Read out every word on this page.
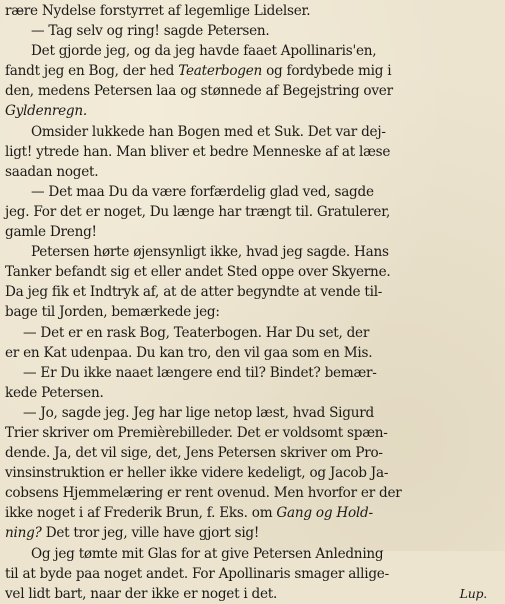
ræ̶re Nydelse forstyrret af legemlige Lidelser.
— Tag selv og ring! sagde Petersen.
Det gjorde jeg, og da jeg havde faaet Apollinaris'en,
fandt jeg en Bog, der hed Teaterbogen og fordybede mig i
den, medens Petersen laa og stønnede af Begejstring over
Gyldenregn.
Omsider lukkede han Bogen med et Suk. Det var dej-
ligt! ytrede han. Man bliver et bedre Menneske af at læse
saadan noget.
— Det maa Du da være forfærdelig glad ved, sagde
jeg. For det er noget, Du længe har trængt til. Gratulerer,
gamle Dreng!
Petersen hørte øjensynligt ikke, hvad jeg sagde. Hans
Tanker befandt sig et eller andet Sted oppe over Skyerne.
Da jeg fik et Indtryk af, at de atter begyndte at vende til-
bage til Jorden, bemærkede jeg:
— Det er en rask Bog, Teaterbogen. Har Du set, der
er en Kat udenpaa. Du kan tro, den vil gaa som en Mis.
— Er Du ikke naaet længere end til? Bindet? bemær-
kede Petersen.
— Jo, sagde jeg. Jeg har lige netop læst, hvad Sigurd
Trier skriver om Premièrebilleder. Det er voldsomt spæn-
dende. Ja, det vil sige, det, Jens Petersen skriver om Pro-
vinsinstruktion er heller ikke videre kedeligt, og Jacob Ja-
cobsens Hjemmelæring er rent ovenud. Men hvorfor er der
ikke noget i af Frederik Brun, f. Eks. om Gang og Hold-
ning? Det tror jeg, ville have gjort sig!
Og jeg tømte mit Glas for at give Petersen Anledning
til at byde paa noget andet. For Apollinaris smager allige-
vel lidt bart, naar der ikke er noget i det.	Lup.
